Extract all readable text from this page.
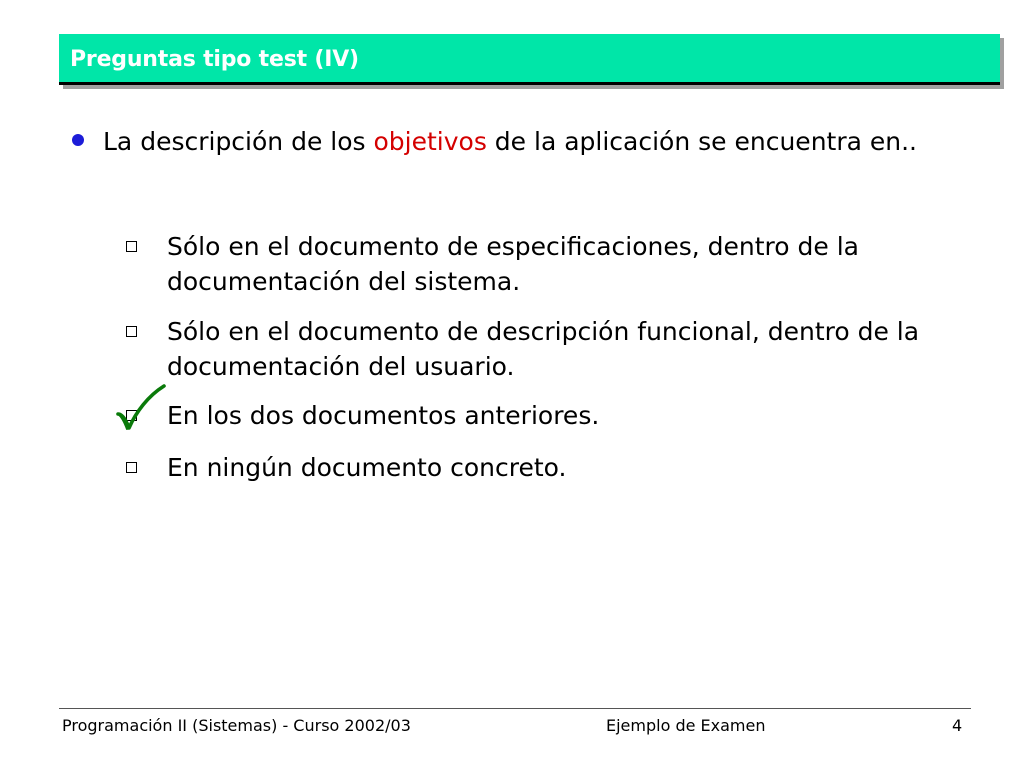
Preguntas tipo test (IV)
La descripción de los objetivos de la aplicación se encuentra en..
Sólo en el documento de especificaciones, dentro de la documentación del sistema.
Sólo en el documento de descripción funcional, dentro de la documentación del usuario.
En los dos documentos anteriores.
En ningún documento concreto.
Programación II (Sistemas) - Curso 2002/03	Ejemplo de Examen	4
